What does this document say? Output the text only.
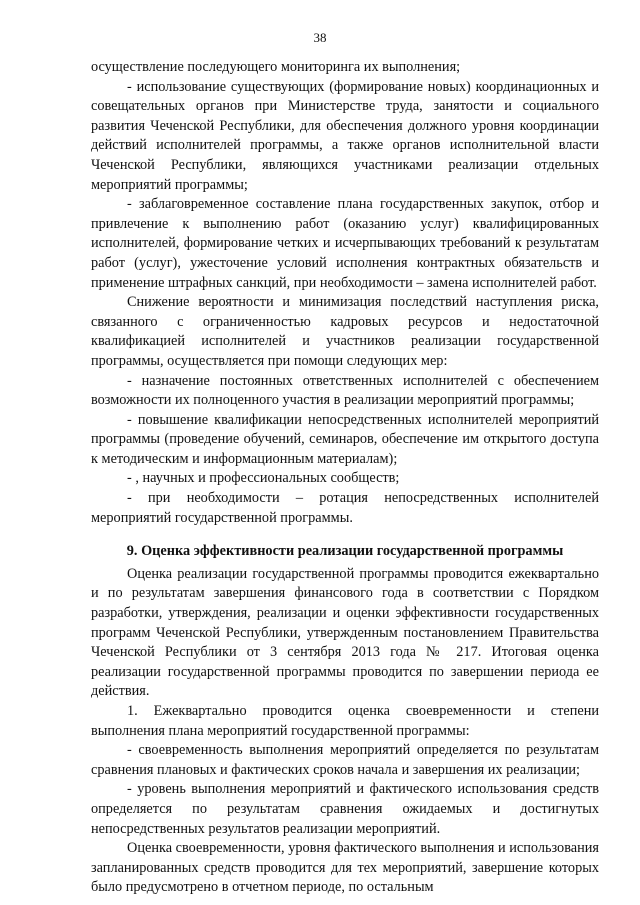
38

осуществление последующего мониторинга их выполнения;

- использование существующих (формирование новых) координационных и совещательных органов при Министерстве труда, занятости и социального развития Чеченской Республики, для обеспечения должного уровня координации действий исполнителей программы, а также органов исполнительной власти Чеченской Республики, являющихся участниками реализации отдельных мероприятий программы;

- заблаговременное составление плана государственных закупок, отбор и привлечение к выполнению работ (оказанию услуг) квалифицированных исполнителей, формирование четких и исчерпывающих требований к результатам работ (услуг), ужесточение условий исполнения контрактных обязательств и применение штрафных санкций, при необходимости – замена исполнителей работ.

Снижение вероятности и минимизация последствий наступления риска, связанного с ограниченностью кадровых ресурсов и недостаточной квалификацией исполнителей и участников реализации государственной программы, осуществляется при помощи следующих мер:

- назначение постоянных ответственных исполнителей с обеспечением возможности их полноценного участия в реализации мероприятий программы;

- повышение квалификации непосредственных исполнителей мероприятий программы (проведение обучений, семинаров, обеспечение им открытого доступа к методическим и информационным материалам);

- , научных и профессиональных сообществ;

- при необходимости – ротация непосредственных исполнителей мероприятий государственной программы.

9. Оценка эффективности реализации государственной программы

Оценка реализации государственной программы проводится ежеквартально и по результатам завершения финансового года в соответствии с Порядком разработки, утверждения, реализации и оценки эффективности государственных программ Чеченской Республики, утвержденным постановлением Правительства Чеченской Республики от 3 сентября 2013 года № 217. Итоговая оценка реализации государственной программы проводится по завершении периода ее действия.

1. Ежеквартально проводится оценка своевременности и степени выполнения плана мероприятий государственной программы:

- своевременность выполнения мероприятий определяется по результатам сравнения плановых и фактических сроков начала и завершения их реализации;

- уровень выполнения мероприятий и фактического использования средств определяется по результатам сравнения ожидаемых и достигнутых непосредственных результатов реализации мероприятий.

Оценка своевременности, уровня фактического выполнения и использования запланированных средств проводится для тех мероприятий, завершение которых было предусмотрено в отчетном периоде, по остальным
